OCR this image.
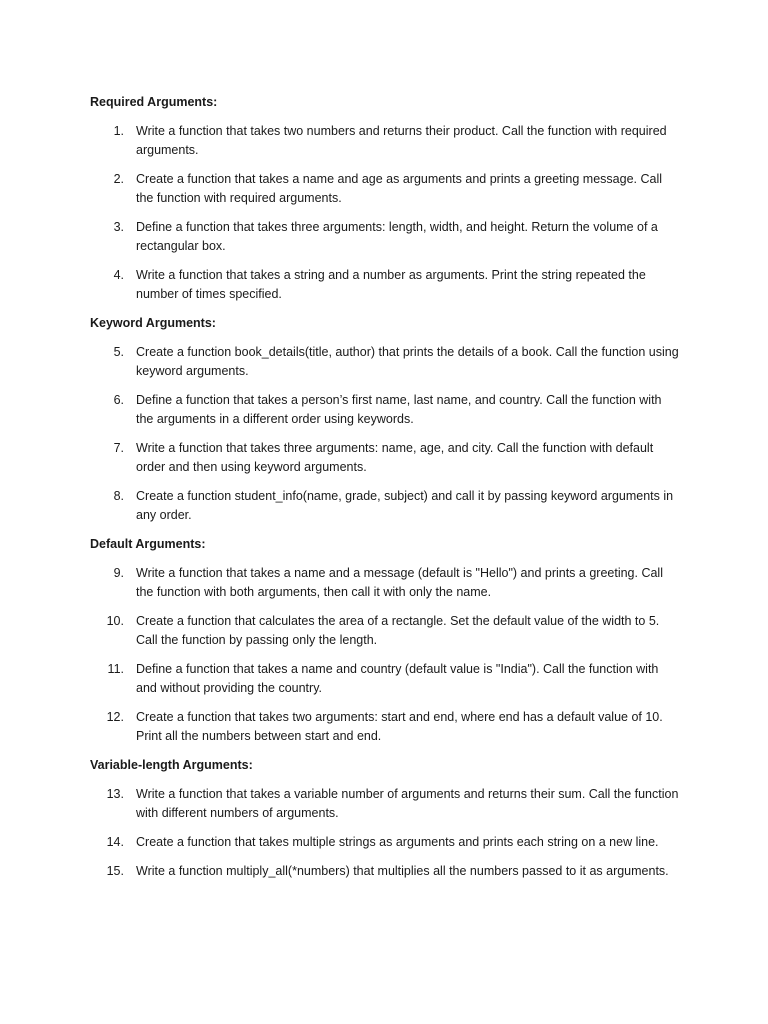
Required Arguments:
1. Write a function that takes two numbers and returns their product. Call the function with required arguments.
2. Create a function that takes a name and age as arguments and prints a greeting message. Call the function with required arguments.
3. Define a function that takes three arguments: length, width, and height. Return the volume of a rectangular box.
4. Write a function that takes a string and a number as arguments. Print the string repeated the number of times specified.
Keyword Arguments:
5. Create a function book_details(title, author) that prints the details of a book. Call the function using keyword arguments.
6. Define a function that takes a person’s first name, last name, and country. Call the function with the arguments in a different order using keywords.
7. Write a function that takes three arguments: name, age, and city. Call the function with default order and then using keyword arguments.
8. Create a function student_info(name, grade, subject) and call it by passing keyword arguments in any order.
Default Arguments:
9. Write a function that takes a name and a message (default is "Hello") and prints a greeting. Call the function with both arguments, then call it with only the name.
10. Create a function that calculates the area of a rectangle. Set the default value of the width to 5. Call the function by passing only the length.
11. Define a function that takes a name and country (default value is "India"). Call the function with and without providing the country.
12. Create a function that takes two arguments: start and end, where end has a default value of 10. Print all the numbers between start and end.
Variable-length Arguments:
13. Write a function that takes a variable number of arguments and returns their sum. Call the function with different numbers of arguments.
14. Create a function that takes multiple strings as arguments and prints each string on a new line.
15. Write a function multiply_all(*numbers) that multiplies all the numbers passed to it as arguments.
